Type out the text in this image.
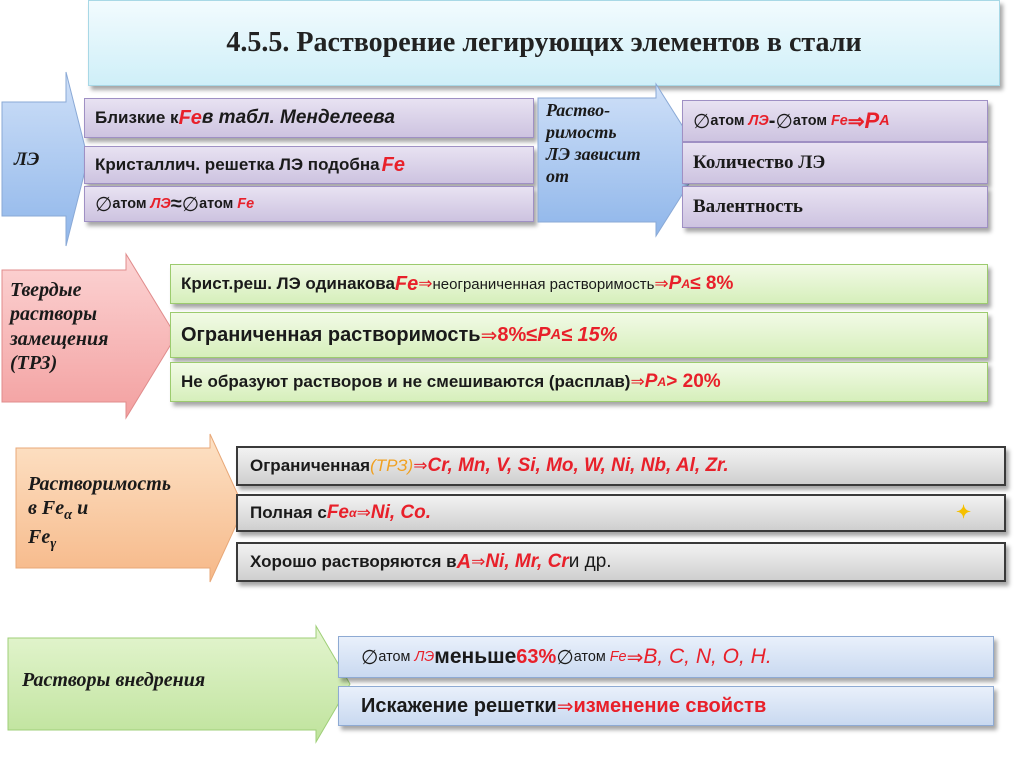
4.5.5. Растворение легирующих элементов в стали
ЛЭ
Близкие к Fe в табл. Менделеева
Кристаллич. решетка ЛЭ подобна Fe
∅ атом ЛЭ ≈ ∅ атом Fe
Раство-
римость
ЛЭ зависит
от
∅ атом ЛЭ - ∅ атом Fe ⇒ P A
Количество ЛЭ
Валентность
Твердые
растворы
замещения
(ТРЗ)
Крист.реш. ЛЭ одинакова Fe ⇒ неограниченная растворимость ⇒ P A ≤ 8%
Ограниченная растворимость ⇒ 8%≤ P A ≤ 15%
Не образуют растворов и не смешиваются (расплав) ⇒ P A > 20%
Растворимость
в $Fe_\alpha$ и
$Fe_\gamma$
Ограниченная (ТРЗ) ⇒ Cr, Mn, V, Si, Mo, W, Ni, Nb, Al, Zr.
Полная с Fe α ⇒ Ni, Co.	✦
Хорошо растворяются в A ⇒ Ni, Mr, Cr и др.
Растворы внедрения
∅ атом ЛЭ меньше 63% ∅ атом Fe ⇒ B, C, N, O, H.
Искажение решетки ⇒ изменение свойств
